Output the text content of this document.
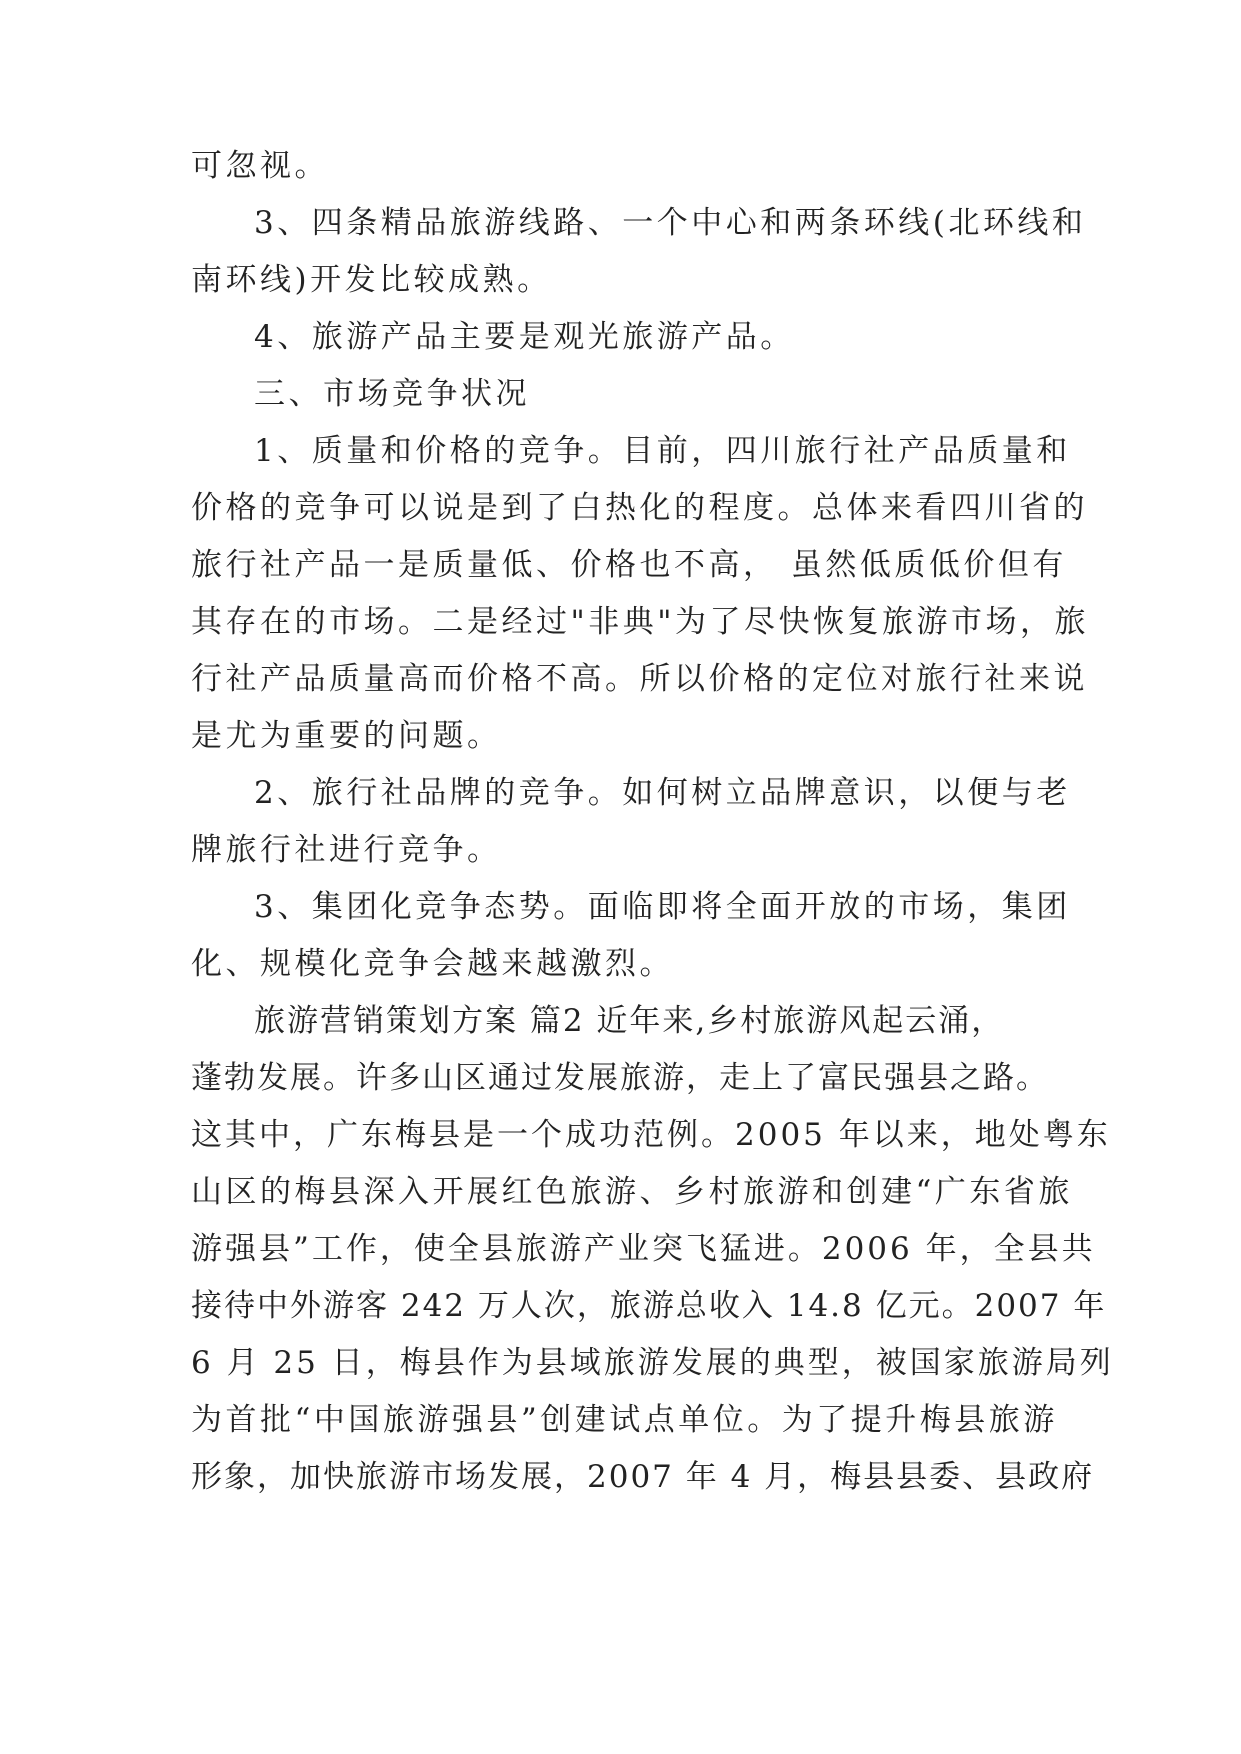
可忽视。
3、四条精品旅游线路、一个中心和两条环线(北环线和
南环线)开发比较成熟。
4、旅游产品主要是观光旅游产品。
三、市场竞争状况
1、质量和价格的竞争。目前，四川旅行社产品质量和
价格的竞争可以说是到了白热化的程度。总体来看四川省的
旅行社产品一是质量低、价格也不高， 虽然低质低价但有
其存在的市场。二是经过"非典"为了尽快恢复旅游市场，旅
行社产品质量高而价格不高。所以价格的定位对旅行社来说
是尤为重要的问题。
2、旅行社品牌的竞争。如何树立品牌意识，以便与老
牌旅行社进行竞争。
3、集团化竞争态势。面临即将全面开放的市场，集团
化、规模化竞争会越来越激烈。
旅游营销策划方案 篇2 近年来,乡村旅游风起云涌，
蓬勃发展。许多山区通过发展旅游，走上了富民强县之路。
这其中，广东梅县是一个成功范例。2005 年以来，地处粤东
山区的梅县深入开展红色旅游、乡村旅游和创建“广东省旅
游强县”工作，使全县旅游产业突飞猛进。2006 年，全县共
接待中外游客 242 万人次，旅游总收入 14.8 亿元。2007 年
6 月 25 日，梅县作为县域旅游发展的典型，被国家旅游局列
为首批“中国旅游强县”创建试点单位。为了提升梅县旅游
形象，加快旅游市场发展，2007 年 4 月，梅县县委、县政府
